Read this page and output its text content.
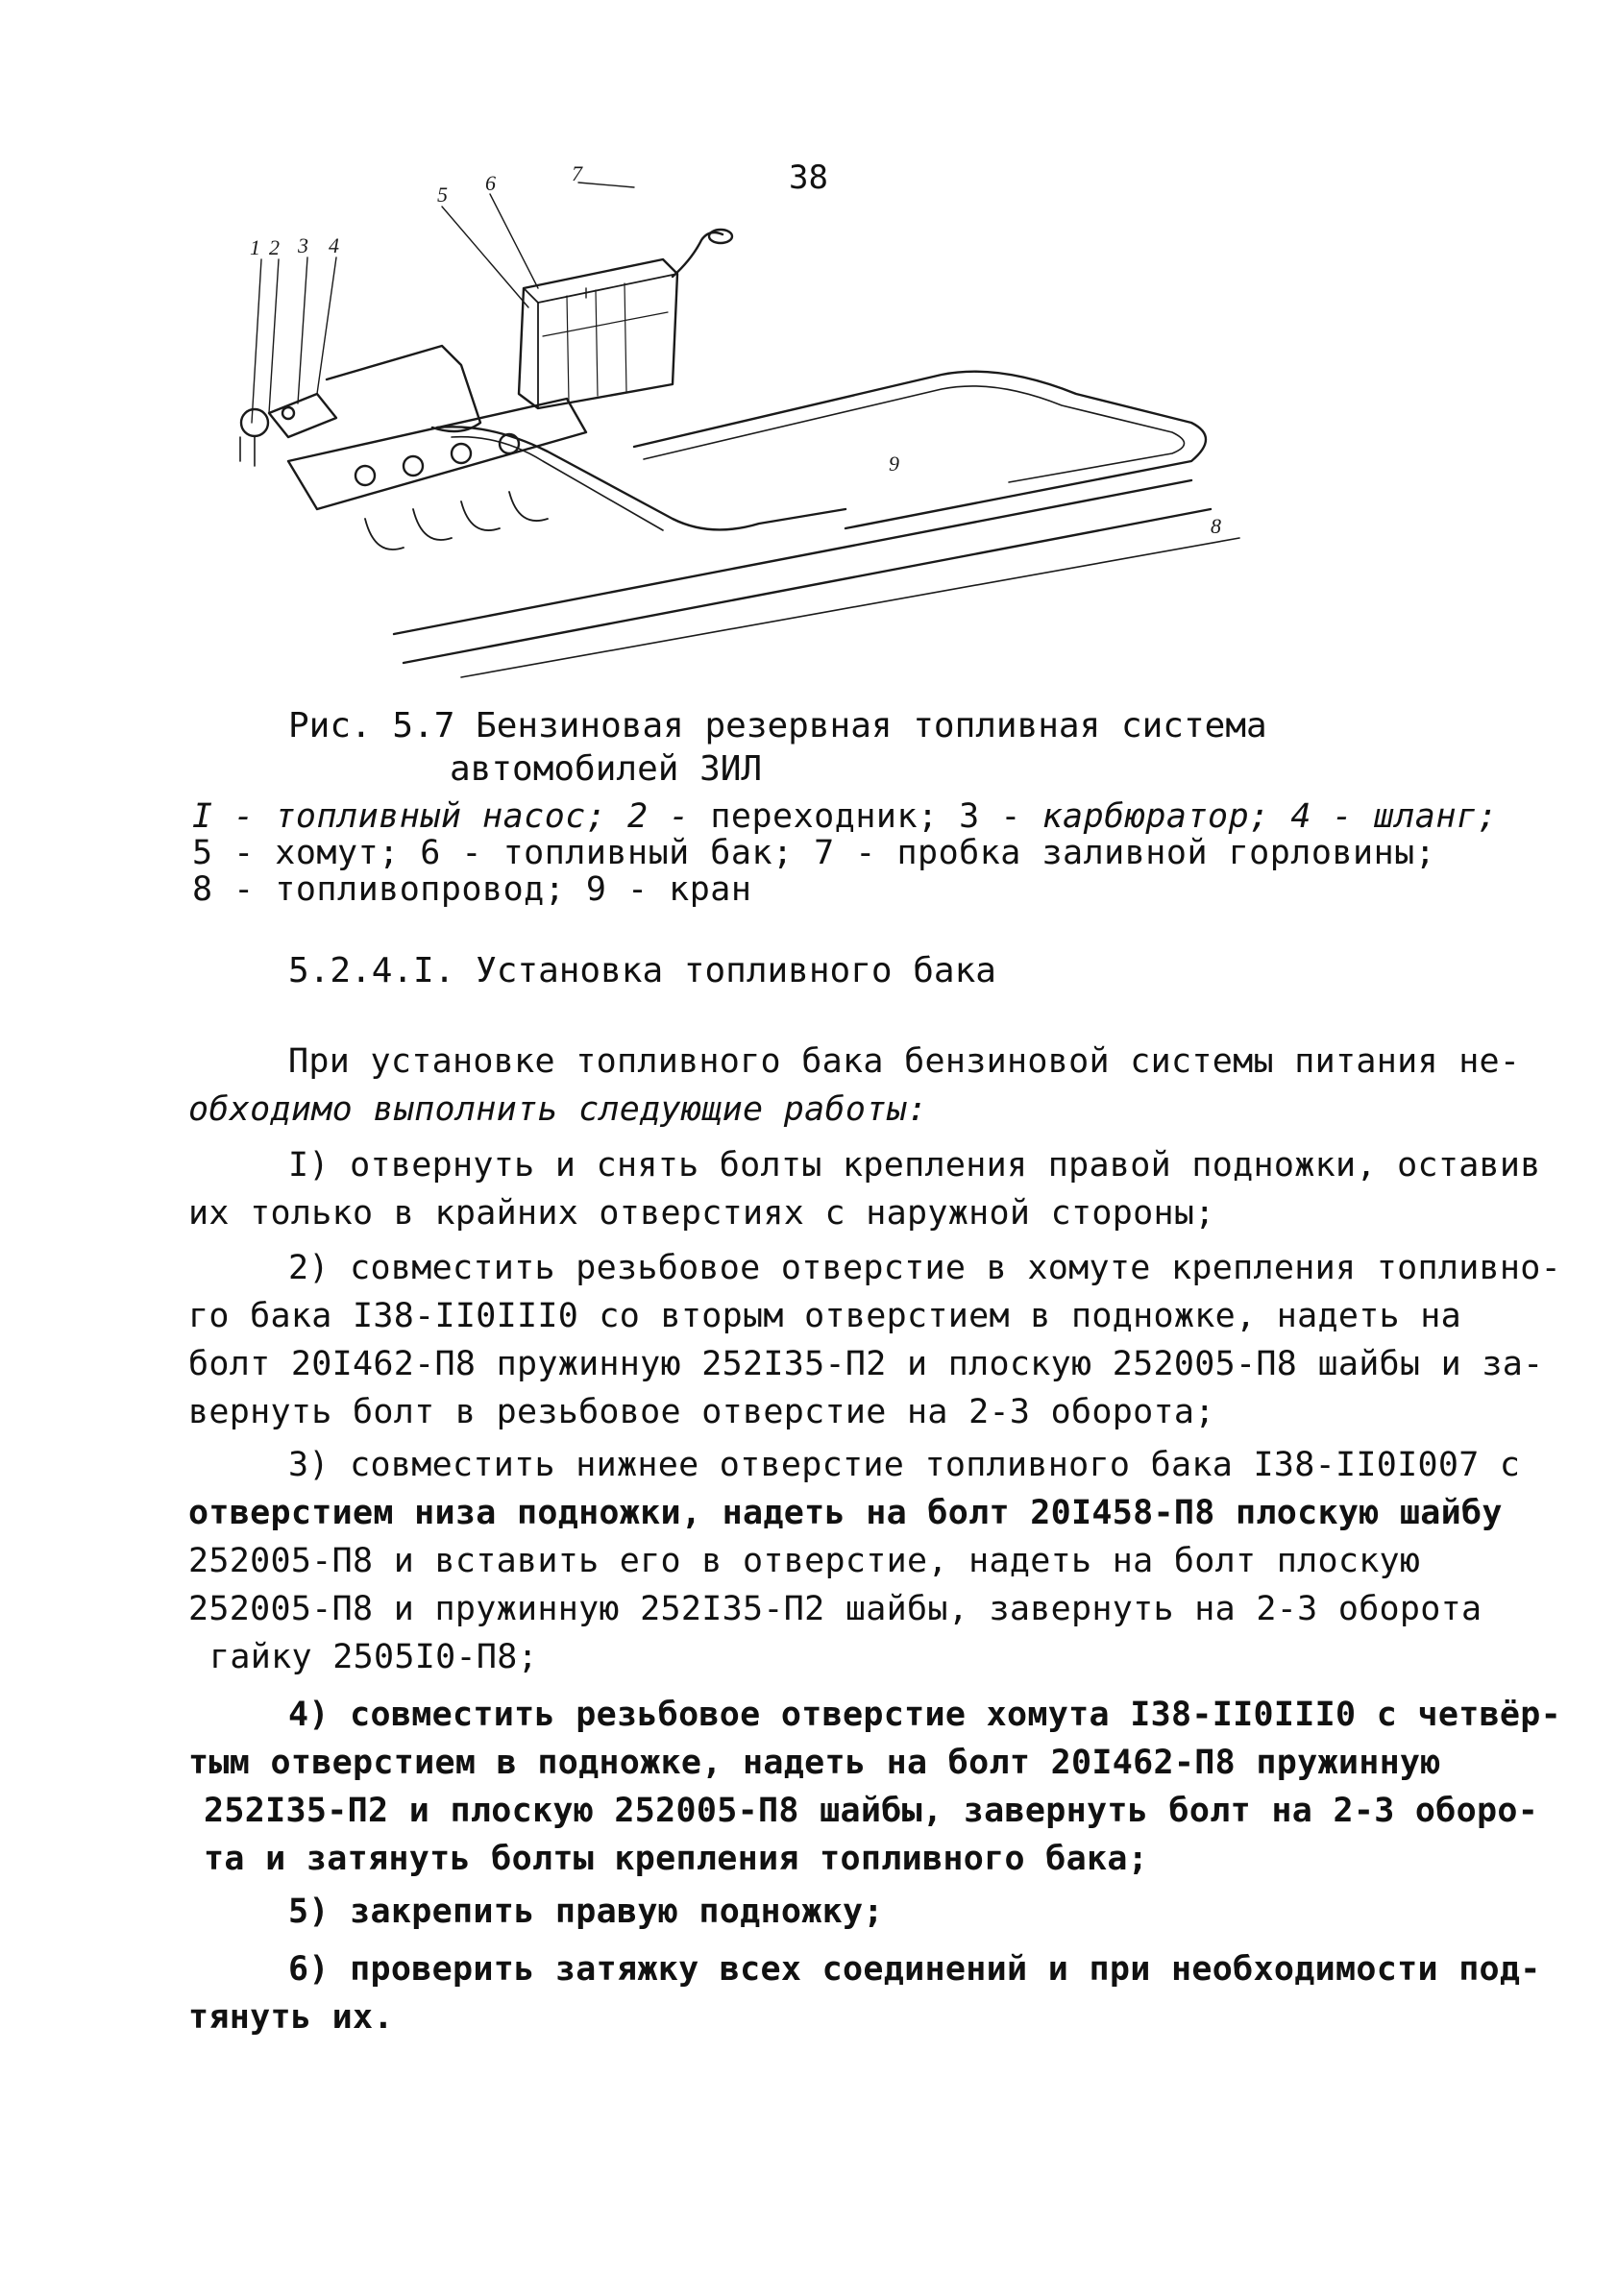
38
1 2 3 4
5 6	7
8
9
Рис. 5.7 Бензиновая резервная топливная система
автомобилей ЗИЛ
I - топливный насос; 2 - переходник; 3 - карбюратор; 4 - шланг;
5 - хомут; 6 - топливный бак; 7 - пробка заливной горловины;
8 - топливопровод; 9 - кран
5.2.4.I. Установка топливного бака
При установке топливного бака бензиновой системы питания не-
обходимо выполнить следующие работы:
I) отвернуть и снять болты крепления правой подножки, оставив
их только в крайних отверстиях с наружной стороны;
2) совместить резьбовое отверстие в хомуте крепления топливно-
го бака I38-II0III0 со вторым отверстием в подножке, надеть на
болт 20I462-П8 пружинную 252I35-П2 и плоскую 252005-П8 шайбы и за-
вернуть болт в резьбовое отверстие на 2-3 оборота;
3) совместить нижнее отверстие топливного бака I38-II0I007 с
отверстием низа подножки, надеть на болт 20I458-П8 плоскую шайбу
252005-П8 и вставить его в отверстие, надеть на болт плоскую
252005-П8 и пружинную 252I35-П2 шайбы, завернуть на 2-3 оборота
гайку 2505I0-П8;
4) совместить резьбовое отверстие хомута I38-II0III0 с четвёр-
тым отверстием в подножке, надеть на болт 20I462-П8 пружинную
252I35-П2 и плоскую 252005-П8 шайбы, завернуть болт на 2-3 оборо-
та и затянуть болты крепления топливного бака;
5) закрепить правую подножку;
6) проверить затяжку всех соединений и при необходимости под-
тянуть их.
